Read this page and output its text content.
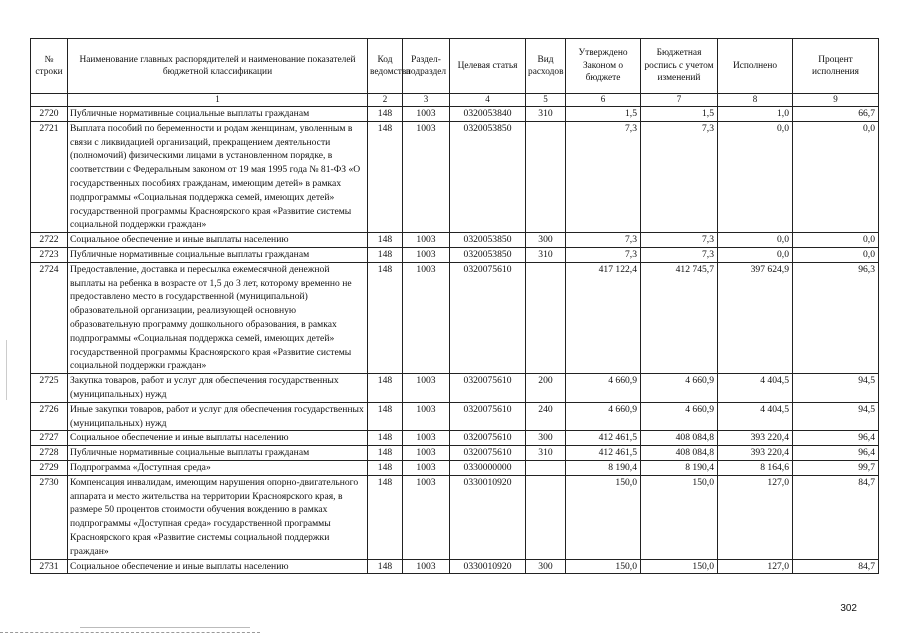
№ строки	Наименование главных распорядителей и наименование показателей бюджетной классификации	Код ведомства	Раздел-подраздел	Целевая статья	Вид расходов	Утверждено Законом о бюджете	Бюджетная роспись с учетом изменений	Исполнено	Процент исполнения
	1	2	3	4	5	6	7	8	9
2720	Публичные нормативные социальные выплаты гражданам	148	1003	0320053840	310	1,5	1,5	1,0	66,7
2721	Выплата пособий по беременности и родам женщинам, уволенным в связи с ликвидацией организаций, прекращением деятельности (полномочий) физическими лицами в установленном порядке, в соответствии с Федеральным законом от 19 мая 1995 года № 81-ФЗ «О государственных пособиях гражданам, имеющим детей» в рамках подпрограммы «Социальная поддержка семей, имеющих детей» государственной программы Красноярского края «Развитие системы социальной поддержки граждан»	148	1003	0320053850		7,3	7,3	0,0	0,0
2722	Социальное обеспечение и иные выплаты населению	148	1003	0320053850	300	7,3	7,3	0,0	0,0
2723	Публичные нормативные социальные выплаты гражданам	148	1003	0320053850	310	7,3	7,3	0,0	0,0
2724	Предоставление, доставка и пересылка ежемесячной денежной выплаты на ребенка в возрасте от 1,5 до 3 лет, которому временно не предоставлено место в государственной (муниципальной) образовательной организации, реализующей основную образовательную программу дошкольного образования, в рамках подпрограммы «Социальная поддержка семей, имеющих детей» государственной программы Красноярского края «Развитие системы социальной поддержки граждан»	148	1003	0320075610		417 122,4	412 745,7	397 624,9	96,3
2725	Закупка товаров, работ и услуг для обеспечения государственных (муниципальных) нужд	148	1003	0320075610	200	4 660,9	4 660,9	4 404,5	94,5
2726	Иные закупки товаров, работ и услуг для обеспечения государственных (муниципальных) нужд	148	1003	0320075610	240	4 660,9	4 660,9	4 404,5	94,5
2727	Социальное обеспечение и иные выплаты населению	148	1003	0320075610	300	412 461,5	408 084,8	393 220,4	96,4
2728	Публичные нормативные социальные выплаты гражданам	148	1003	0320075610	310	412 461,5	408 084,8	393 220,4	96,4
2729	Подпрограмма «Доступная среда»	148	1003	0330000000		8 190,4	8 190,4	8 164,6	99,7
2730	Компенсация инвалидам, имеющим нарушения опорно-двигательного аппарата и место жительства на территории Красноярского края, в размере 50 процентов стоимости обучения вождению в рамках подпрограммы «Доступная среда» государственной программы Красноярского края «Развитие системы социальной поддержки граждан»	148	1003	0330010920		150,0	150,0	127,0	84,7
2731	Социальное обеспечение и иные выплаты населению	148	1003	0330010920	300	150,0	150,0	127,0	84,7
302
